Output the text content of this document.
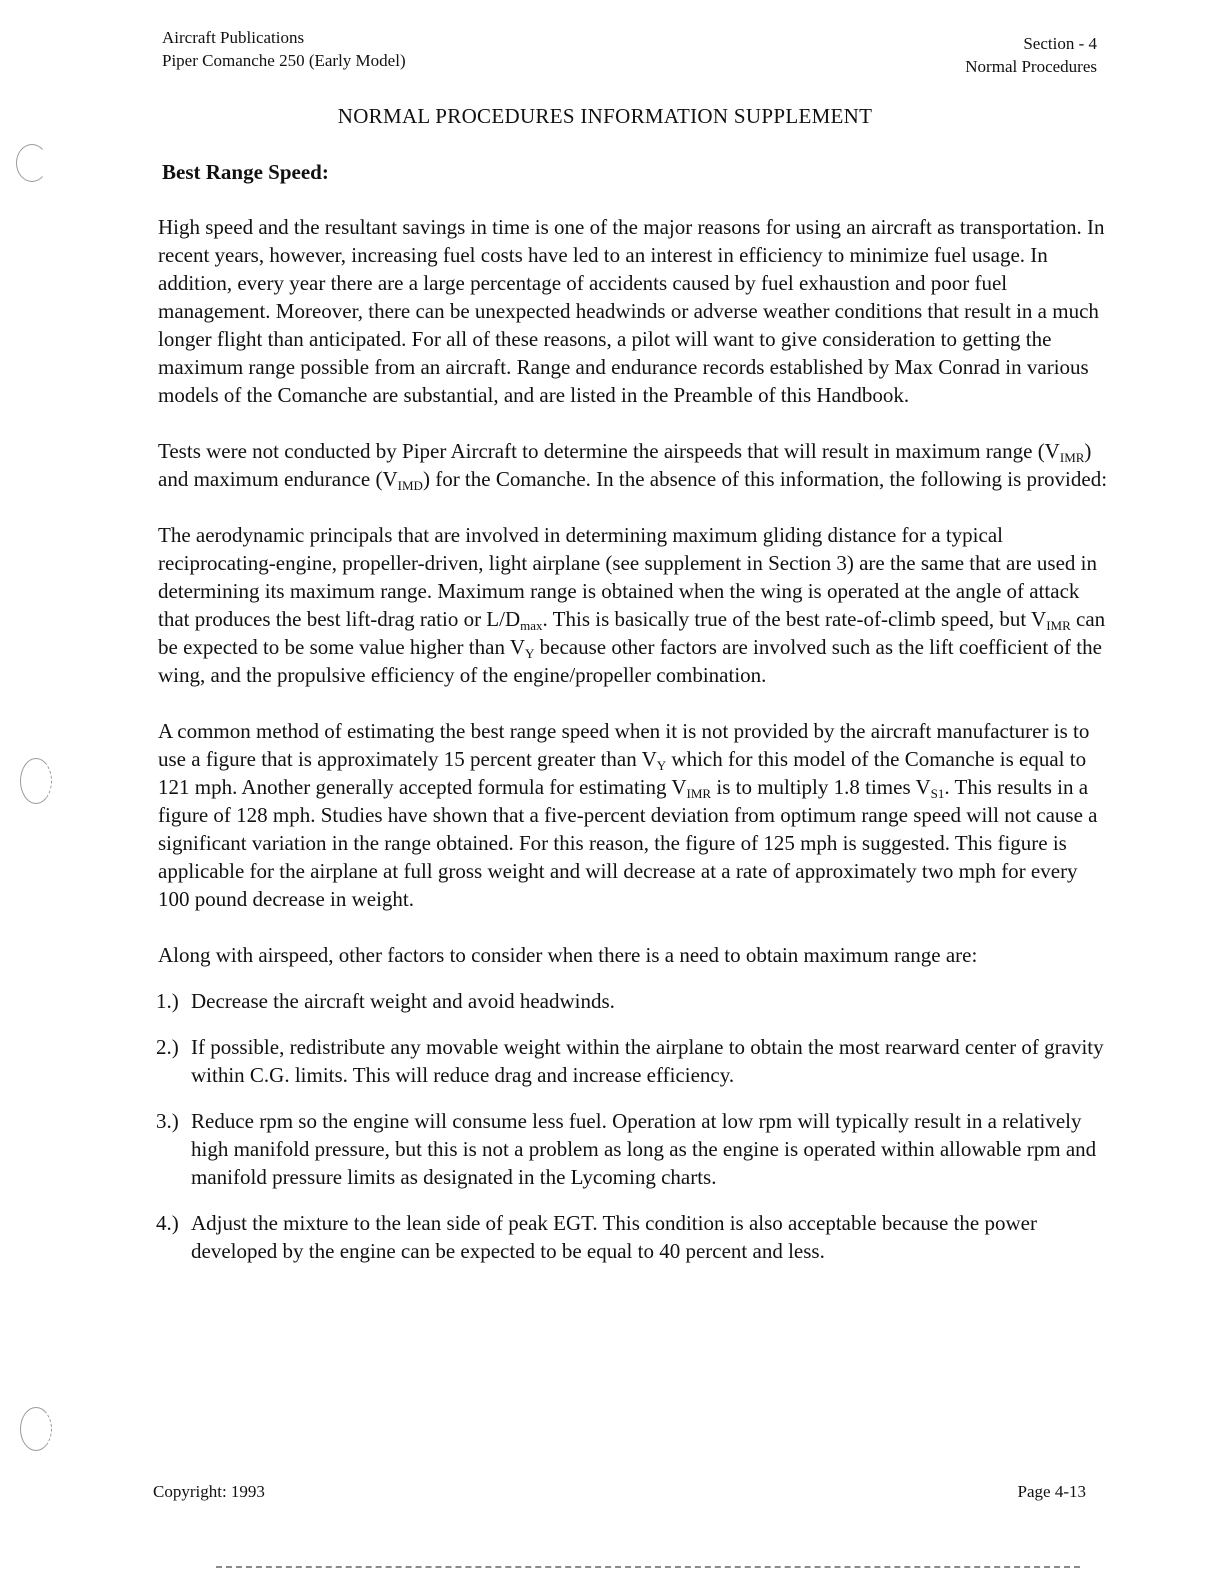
Aircraft Publications
Piper Comanche 250 (Early Model)
Section - 4
Normal Procedures
NORMAL PROCEDURES INFORMATION SUPPLEMENT
Best Range Speed:

High speed and the resultant savings in time is one of the major reasons for using an aircraft as transportation. In recent years, however, increasing fuel costs have led to an interest in efficiency to minimize fuel usage. In addition, every year there are a large percentage of accidents caused by fuel exhaustion and poor fuel management. Moreover, there can be unexpected headwinds or adverse weather conditions that result in a much longer flight than anticipated. For all of these reasons, a pilot will want to give consideration to getting the maximum range possible from an aircraft. Range and endurance records established by Max Conrad in various models of the Comanche are substantial, and are listed in the Preamble of this Handbook.

Tests were not conducted by Piper Aircraft to determine the airspeeds that will result in maximum range $(V_{IMR})$ and maximum endurance $(V_{IMD})$ for the Comanche. In the absence of this information, the following is provided:

The aerodynamic principals that are involved in determining maximum gliding distance for a typical reciprocating-engine, propeller-driven, light airplane (see supplement in Section 3) are the same that are used in determining its maximum range. Maximum range is obtained when the wing is operated at the angle of attack that produces the best lift-drag ratio or $L/D_{max}$. This is basically true of the best rate-of-climb speed, but $V_{IMR}$ can be expected to be some value higher than $V_Y$ because other factors are involved such as the lift coefficient of the wing, and the propulsive efficiency of the engine/propeller combination.

A common method of estimating the best range speed when it is not provided by the aircraft manufacturer is to use a figure that is approximately 15 percent greater than $V_Y$ which for this model of the Comanche is equal to 121 mph. Another generally accepted formula for estimating $V_{IMR}$ is to multiply 1.8 times $V_{S1}$. This results in a figure of 128 mph. Studies have shown that a five-percent deviation from optimum range speed will not cause a significant variation in the range obtained. For this reason, the figure of 125 mph is suggested. This figure is applicable for the airplane at full gross weight and will decrease at a rate of approximately two mph for every 100 pound decrease in weight.

Along with airspeed, other factors to consider when there is a need to obtain maximum range are:

1.) Decrease the aircraft weight and avoid headwinds.
2.) If possible, redistribute any movable weight within the airplane to obtain the most rearward center of gravity within C.G. limits. This will reduce drag and increase efficiency.
3.) Reduce rpm so the engine will consume less fuel. Operation at low rpm will typically result in a relatively high manifold pressure, but this is not a problem as long as the engine is operated within allowable rpm and manifold pressure limits as designated in the Lycoming charts.
4.) Adjust the mixture to the lean side of peak EGT. This condition is also acceptable because the power developed by the engine can be expected to be equal to 40 percent and less.
Copyright: 1993	Page 4-13
